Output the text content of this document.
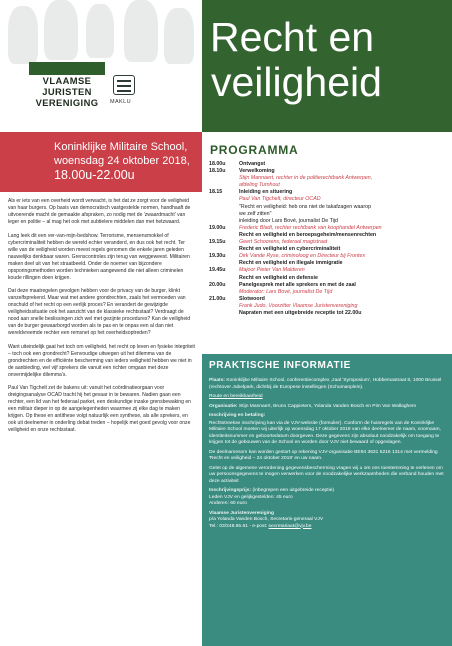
VLAAMSE
JURISTEN
VERENIGING	MAKLU
Recht en
veiligheid
Koninklijke Militaire School,
woensdag 24 oktober 2018,
18.00u-22.00u

Als er iets van een overheid wordt verwacht, is het dat ze zorgt voor de veiligheid van haar burgers. Op basis van democratisch vastgestelde normen, handhaaft de uitvoerende macht de gemaakte afspraken, zo nodig met de 'zwaardmacht' van leger en politie – al mag het ook met subtielere middelen dan met hetzwaard.

Lang leek dit een ver-van-mijn-bedshow. Terrorisme, mensensmokkel of cybercriminaliteit hebben de wereld echter veranderd, en dus ook het recht. Ter wille van de veiligheid worden meest regels genomen die enkele jaren geleden nauwelijks denkbaar waren. Grenscontroles zijn terug van weggeweest. Militairen maken deel uit van het straatbeeld. Onder de noemer van bijzondere opsporingsmethoden worden technieken aangewend die niet alleen criminelen koude rillingen doen krijgen.

Dat deze maatregelen gevolgen hebben voor de privacy van de burger, klinkt vanzelfsprekend. Maar wat met andere grondrechten, zaals het vermoeden van onschuld of het recht op een eerlijk proces? En verandert de gewijzigde veiligheidssituatie ook het aanzicht van de klassieke rechtsstaat? Verdraagt de nood aan snelle beslissingen zich wel met gezijnte procedures? Kan de veiligheid van de burger gewaarborgd worden als te pas en te onpas een al dan niet wereldvreemde rechter een remsnet op het overheidsoptreden?

Want uiteindelijk gaat het toch om veiligheid, het recht op leven en fysieke integriteit – toch ook een grondrecht? Eenvoudige uitwegen uit het dilemma van de grondrechten en de efficiënte bescherming van ieders veiligheid hebben we niet in de aanbieding, wel vijf sprekers die vanuit een richter omgaan met deze onvermijdelijke dilemma's.

Paul Van Tigchelt zet de bakens uit: vanuit het coördinatieorgaan voor dreigingsanalyse OCAD tracht hij het gevaar in te bewaren. Nadien gaan een rechter, een lid van het federaal parket, een deskundige inzake grensbewaking en een militair dieper in op de aangelegenheden waarmee zij elke dag te maken krijgen. Op these en antithese volgt natuurlijk een synthese, als alle sprekers, en ook uit deelnemer in onderling debat treden – hopelijk met goed gevolg voor onze veiligheid en onze rechtsstaat.

PROGRAMMA
18.00u	Ontvangst
18.10u	Verwelkoming
Stijn Mannaert, rechter in de politierechtbank Antwerpen,
afdeling Turnhout
18.15	Inleiding en situering
Paul Van Tigchelt, directeur OCAD
"Recht en veiligheid: heb ons niet de takafzagen waarop
we zelf zitten"
inleiding door Lars Bové, journalist De Tijd
19.00u	Frederic Bladt, rechter rechtbank van koophandel Antwerpen
Recht en veiligheid en beroepsgeheim/mensenrechten
19.15u	Geert Schoorens, federaal magistraat
Recht en veiligheid en cybercriminaliteit
19.30u	Dirk Vande Ryse, criminoloog en Directeur bij Frontex
Recht en veiligheid en illegale immigratie
19.45u	Majoor Pieter Van Malderen
Recht en veiligheid en defensie
20.00u	Panelgesprek met alle sprekers en met de zaal
Moderator: Lars Bové, journalist De Tijd
21.00u	Slotwoord
Frank Judo, Voorzitter Vlaamse Juristenvereniging
Napraten met een uitgebreide receptie tot 22.00u
PRAKTISCHE INFORMATIE

Plaats: Koninklijke Militaire School, conferentiecomplex ,zaal 'Symposium', Hobbemastraat 8, 1000 Brussel (rechtover Jubelpark, dichtbij de Europese instellingen (Schumanplein).

Route en bereikbaarheid

Organisatie: Stijn Mannaert, Bruno Cappieters, Yolanda Vanden Bosch en Pim Van Wallaghem

Inschrijving en betaling:

Rechtstreekse inschrijving kan via de VJV-website (formulier). Conform de huisregels van de Koninklijke Militaire School moeten wij uiterlijk op woensdag 17 oktober 2018 van elke deelnemer de naam, voornaam, identiteitsnummer en geboortedatum doorgeven. Deze gegevens zijn absoluut noodzakelijk om toegang te krijgen tot de gebouwen van de School en worden door VJV niet bewaard of opgeslagen.

De deelnamesom kan worden gestort op rekening VJV-organisatie BE94 3631 5216 1314 met vermelding 'Recht en veiligheid – 24 oktober 2018' en uw naam.

Gelet op de algemene verordening gegevensbescherming vragen wij u om ons toestemming te verlenen om uw persoonsgegevens te mogen verwerken voor de noodzakelijke werkzaamheden die verband houden met deze activiteit

Inschrijvingsprijs: (inbegrepen een uitgebreide receptie)

Leden VJV en gelijkgestelden: 45 euro

Anderen: 60 euro

Vlaamse Juristenvereniging

p/a Yolanda Vanden Bosch, Secretaris-generaal VJV

Tel.: 03/248.65.61 - e-post: secretariaat@vjv.be
